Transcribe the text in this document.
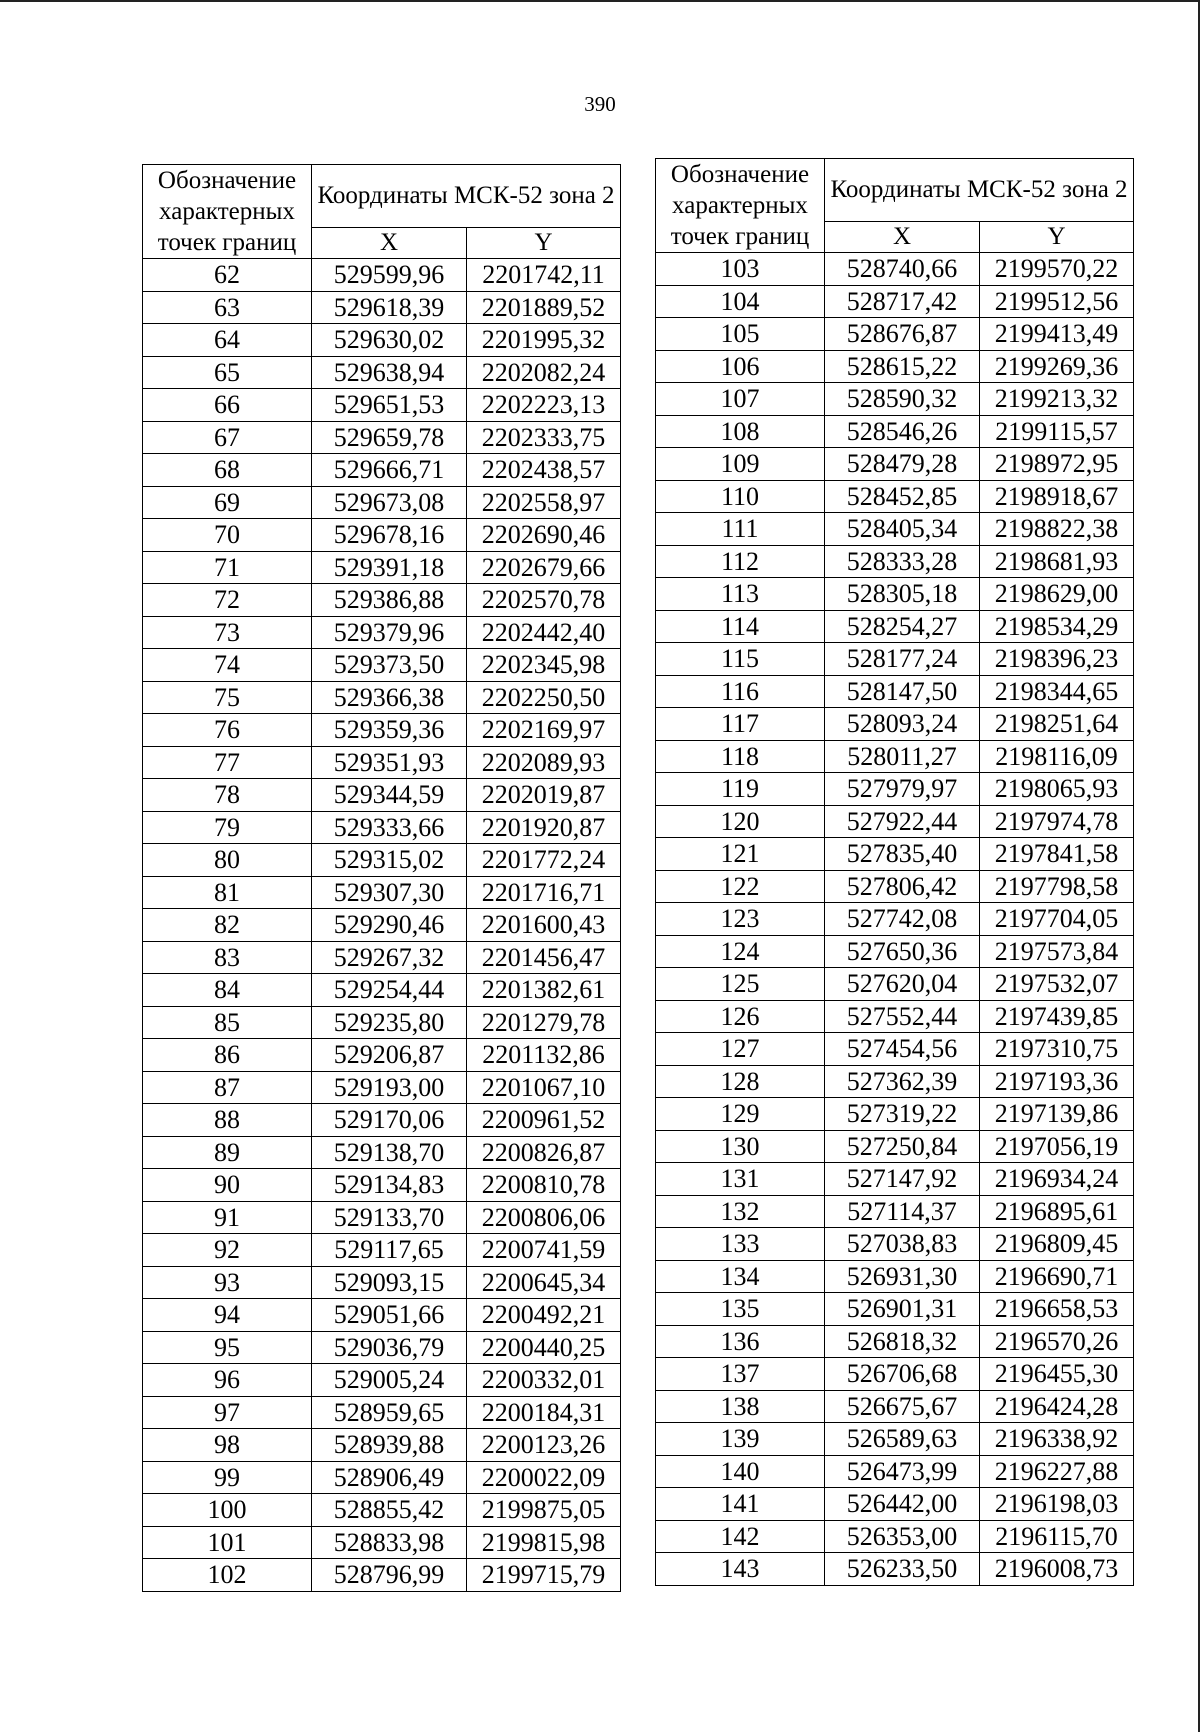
390
Обозначение характерных точек границ	Координаты МСК-52 зона 2	
	X	Y
62	529599,96	2201742,11
63	529618,39	2201889,52
64	529630,02	2201995,32
65	529638,94	2202082,24
66	529651,53	2202223,13
67	529659,78	2202333,75
68	529666,71	2202438,57
69	529673,08	2202558,97
70	529678,16	2202690,46
71	529391,18	2202679,66
72	529386,88	2202570,78
73	529379,96	2202442,40
74	529373,50	2202345,98
75	529366,38	2202250,50
76	529359,36	2202169,97
77	529351,93	2202089,93
78	529344,59	2202019,87
79	529333,66	2201920,87
80	529315,02	2201772,24
81	529307,30	2201716,71
82	529290,46	2201600,43
83	529267,32	2201456,47
84	529254,44	2201382,61
85	529235,80	2201279,78
86	529206,87	2201132,86
87	529193,00	2201067,10
88	529170,06	2200961,52
89	529138,70	2200826,87
90	529134,83	2200810,78
91	529133,70	2200806,06
92	529117,65	2200741,59
93	529093,15	2200645,34
94	529051,66	2200492,21
95	529036,79	2200440,25
96	529005,24	2200332,01
97	528959,65	2200184,31
98	528939,88	2200123,26
99	528906,49	2200022,09
100	528855,42	2199875,05
101	528833,98	2199815,98
102	528796,99	2199715,79
Обозначение характерных точек границ	Координаты МСК-52 зона 2	
	X	Y
103	528740,66	2199570,22
104	528717,42	2199512,56
105	528676,87	2199413,49
106	528615,22	2199269,36
107	528590,32	2199213,32
108	528546,26	2199115,57
109	528479,28	2198972,95
110	528452,85	2198918,67
111	528405,34	2198822,38
112	528333,28	2198681,93
113	528305,18	2198629,00
114	528254,27	2198534,29
115	528177,24	2198396,23
116	528147,50	2198344,65
117	528093,24	2198251,64
118	528011,27	2198116,09
119	527979,97	2198065,93
120	527922,44	2197974,78
121	527835,40	2197841,58
122	527806,42	2197798,58
123	527742,08	2197704,05
124	527650,36	2197573,84
125	527620,04	2197532,07
126	527552,44	2197439,85
127	527454,56	2197310,75
128	527362,39	2197193,36
129	527319,22	2197139,86
130	527250,84	2197056,19
131	527147,92	2196934,24
132	527114,37	2196895,61
133	527038,83	2196809,45
134	526931,30	2196690,71
135	526901,31	2196658,53
136	526818,32	2196570,26
137	526706,68	2196455,30
138	526675,67	2196424,28
139	526589,63	2196338,92
140	526473,99	2196227,88
141	526442,00	2196198,03
142	526353,00	2196115,70
143	526233,50	2196008,73
